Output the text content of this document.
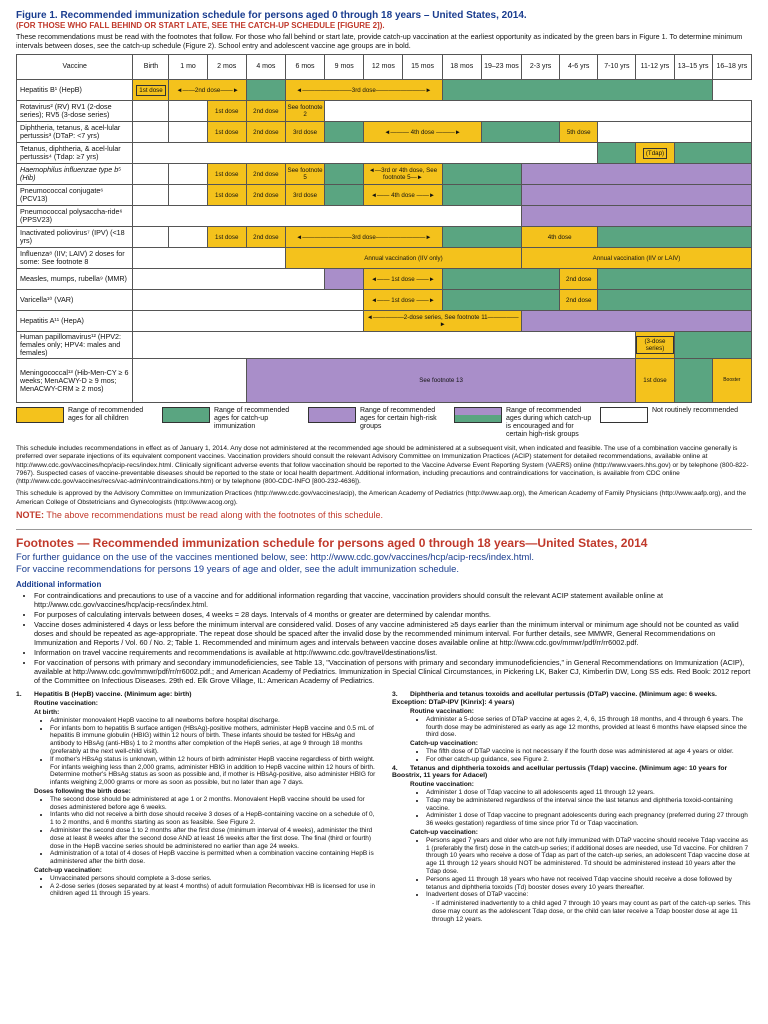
Figure 1. Recommended immunization schedule for persons aged 0 through 18 years – United States, 2014.

(FOR THOSE WHO FALL BEHIND OR START LATE, SEE THE CATCH-UP SCHEDULE [FIGURE 2]).

These recommendations must be read with the footnotes that follow. For those who fall behind or start late, provide catch-up vaccination at the earliest opportunity as indicated by the green bars in Figure 1. To determine minimum intervals between doses, see the catch-up schedule (Figure 2). School entry and adolescent vaccine age groups are in bold.

Vaccine	Birth	1 mo	2 mos	4 mos	6 mos	9 mos	12 mos	15 mos	18 mos	19–23 mos	2-3 yrs	4-6 yrs	7-10 yrs	11-12 yrs	13–15 yrs	16–18 yrs
Hepatitis B¹ (HepB)	1st dose	◄——2nd dose——►			◄————————3rd dose————————►											
Rotavirus² (RV) RV1 (2-dose series); RV5 (3-dose series)			1st dose	2nd dose	See footnote 2											
Diphtheria, tetanus, & acel-lular pertussis³ (DTaP: <7 yrs)			1st dose	2nd dose	3rd dose		◄——— 4th dose ———►					5th dose				
Tetanus, diphtheria, & acel-lular pertussis⁴ (Tdap: ≥7 yrs)														(Tdap)		
Haemophilus influenzae type b⁵ (Hib)			1st dose	2nd dose	See footnote 5		◄—3rd or 4th dose, See footnote 5—►									
Pneumococcal conjugate⁶ (PCV13)			1st dose	2nd dose	3rd dose		◄—— 4th dose ——►									
Pneumococcal polysaccha-ride⁶ (PPSV23)																
Inactivated poliovirus⁷ (IPV) (<18 yrs)			1st dose	2nd dose	◄————————3rd dose————————►						4th dose					
Influenza⁸ (IIV; LAIV) 2 doses for some: See footnote 8					Annual vaccination (IIV only)						Annual vaccination (IIV or LAIV)					
Measles, mumps, rubella⁹ (MMR)							◄—— 1st dose ——►					2nd dose				
Varicella¹⁰ (VAR)							◄—— 1st dose ——►					2nd dose				
Hepatitis A¹¹ (HepA)							◄—————2-dose series, See footnote 11—————►									
Human papillomavirus¹² (HPV2: females only; HPV4: males and females)														(3-dose series)		
Meningococcal¹³ (Hib-Men-CY ≥ 6 weeks; MenACWY-D ≥ 9 mos; MenACWY-CRM ≥ 2 mos)				See footnote 13										1st dose		Booster
Range of recommended ages for all children
Range of recommended ages for catch-up immunization
Range of recommended ages for certain high-risk groups
Range of recommended ages during which catch-up is encouraged and for certain high-risk groups
Not routinely recommended

This schedule includes recommendations in effect as of January 1, 2014. Any dose not administered at the recommended age should be administered at a subsequent visit, when indicated and feasible. The use of a combination vaccine generally is preferred over separate injections of its equivalent component vaccines. Vaccination providers should consult the relevant Advisory Committee on Immunization Practices (ACIP) statement for detailed recommendations, available online at http://www.cdc.gov/vaccines/hcp/acip-recs/index.html. Clinically significant adverse events that follow vaccination should be reported to the Vaccine Adverse Event Reporting System (VAERS) online (http://www.vaers.hhs.gov) or by telephone (800-822-7967). Suspected cases of vaccine-preventable diseases should be reported to the state or local health department. Additional information, including precautions and contraindications for vaccination, is available from CDC online (http://www.cdc.gov/vaccines/recs/vac-admin/contraindications.htm) or by telephone (800-CDC-INFO [800-232-4636]).

This schedule is approved by the Advisory Committee on Immunization Practices (http://www.cdc.gov/vaccines/acip), the American Academy of Pediatrics (http://www.aap.org), the American Academy of Family Physicians (http://www.aafp.org), and the American College of Obstetricians and Gynecologists (http://www.acog.org).

NOTE: The above recommendations must be read along with the footnotes of this schedule.

Footnotes — Recommended immunization schedule for persons aged 0 through 18 years—United States, 2014

For further guidance on the use of the vaccines mentioned below, see: http://www.cdc.gov/vaccines/hcp/acip-recs/index.html.

For vaccine recommendations for persons 19 years of age and older, see the adult immunization schedule.

Additional information

• For contraindications and precautions to use of a vaccine and for additional information regarding that vaccine, vaccination providers should consult the relevant ACIP statement available online at http://www.cdc.gov/vaccines/hcp/acip-recs/index.html.
• For purposes of calculating intervals between doses, 4 weeks = 28 days. Intervals of 4 months or greater are determined by calendar months.
• Vaccine doses administered 4 days or less before the minimum interval are considered valid. Doses of any vaccine administered ≥5 days earlier than the minimum interval or minimum age should not be counted as valid doses and should be repeated as age-appropriate. The repeat dose should be spaced after the invalid dose by the recommended minimum interval. For further details, see MMWR, General Recommendations on Immunization and Reports / Vol. 60 / No. 2; Table 1. Recommended and minimum ages and intervals between vaccine doses available online at http://www.cdc.gov/mmwr/pdf/rr/rr6002.pdf.
• Information on travel vaccine requirements and recommendations is available at http://wwwnc.cdc.gov/travel/destinations/list.
• For vaccination of persons with primary and secondary immunodeficiencies, see Table 13, "Vaccination of persons with primary and secondary immunodeficiencies," in General Recommendations on Immunization (ACIP), available at http://www.cdc.gov/mmwr/pdf/rr/rr6002.pdf.; and American Academy of Pediatrics. Immunization in Special Clinical Circumstances, in Pickering LK, Baker CJ, Kimberlin DW, Long SS eds. Red Book: 2012 report of the Committee on Infectious Diseases. 29th ed. Elk Grove Village, IL: American Academy of Pediatrics.
1. Hepatitis B (HepB) vaccine. (Minimum age: birth)
Routine vaccination:
At birth:
• Administer monovalent HepB vaccine to all newborns before hospital discharge.
• For infants born to hepatitis B surface antigen (HBsAg)-positive mothers, administer HepB vaccine and 0.5 mL of hepatitis B immune globulin (HBIG) within 12 hours of birth. These infants should be tested for HBsAg and antibody to HBsAg (anti-HBs) 1 to 2 months after completion of the HepB series, at age 9 through 18 months (preferably at the next well-child visit).
• If mother's HBsAg status is unknown, within 12 hours of birth administer HepB vaccine regardless of birth weight. For infants weighing less than 2,000 grams, administer HBIG in addition to HepB vaccine within 12 hours of birth. Determine mother's HBsAg status as soon as possible and, if mother is HBsAg-positive, also administer HBIG for infants weighing 2,000 grams or more as soon as possible, but no later than age 7 days.
Doses following the birth dose:
• The second dose should be administered at age 1 or 2 months. Monovalent HepB vaccine should be used for doses administered before age 6 weeks.
• Infants who did not receive a birth dose should receive 3 doses of a HepB-containing vaccine on a schedule of 0, 1 to 2 months, and 6 months starting as soon as feasible. See Figure 2.
• Administer the second dose 1 to 2 months after the first dose (minimum interval of 4 weeks), administer the third dose at least 8 weeks after the second dose AND at least 16 weeks after the first dose. The final (third or fourth) dose in the HepB vaccine series should be administered no earlier than age 24 weeks.
• Administration of a total of 4 doses of HepB vaccine is permitted when a combination vaccine containing HepB is administered after the birth dose.
Catch-up vaccination:
• Unvaccinated persons should complete a 3-dose series.
• A 2-dose series (doses separated by at least 4 months) of adult formulation Recombivax HB is licensed for use in children aged 11 through 15 years.
3. Diphtheria and tetanus toxoids and acellular pertussis (DTaP) vaccine. (Minimum age: 6 weeks. Exception: DTaP-IPV [Kinrix]: 4 years)
Routine vaccination:
• Administer a 5-dose series of DTaP vaccine at ages 2, 4, 6, 15 through 18 months, and 4 through 6 years. The fourth dose may be administered as early as age 12 months, provided at least 6 months have elapsed since the third dose.
Catch-up vaccination:
• The fifth dose of DTaP vaccine is not necessary if the fourth dose was administered at age 4 years or older.
• For other catch-up guidance, see Figure 2.
4. Tetanus and diphtheria toxoids and acellular pertussis (Tdap) vaccine. (Minimum age: 10 years for Boostrix, 11 years for Adacel)
Routine vaccination:
• Administer 1 dose of Tdap vaccine to all adolescents aged 11 through 12 years.
• Tdap may be administered regardless of the interval since the last tetanus and diphtheria toxoid-containing vaccine.
• Administer 1 dose of Tdap vaccine to pregnant adolescents during each pregnancy (preferred during 27 through 36 weeks gestation) regardless of time since prior Td or Tdap vaccination.
Catch-up vaccination:
• Persons aged 7 years and older who are not fully immunized with DTaP vaccine should receive Tdap vaccine as 1 (preferably the first) dose in the catch-up series; if additional doses are needed, use Td vaccine. For children 7 through 10 years who receive a dose of Tdap as part of the catch-up series, an adolescent Tdap vaccine dose at age 11 through 12 years should NOT be administered. Td should be administered instead 10 years after the Tdap dose.
• Persons aged 11 through 18 years who have not received Tdap vaccine should receive a dose followed by tetanus and diphtheria toxoids (Td) booster doses every 10 years thereafter.
• Inadvertent doses of DTaP vaccine:
- If administered inadvertently to a child aged 7 through 10 years may count as part of the catch-up series. This dose may count as the adolescent Tdap dose, or the child can later receive a Tdap booster dose at age 11 through 12 years.
